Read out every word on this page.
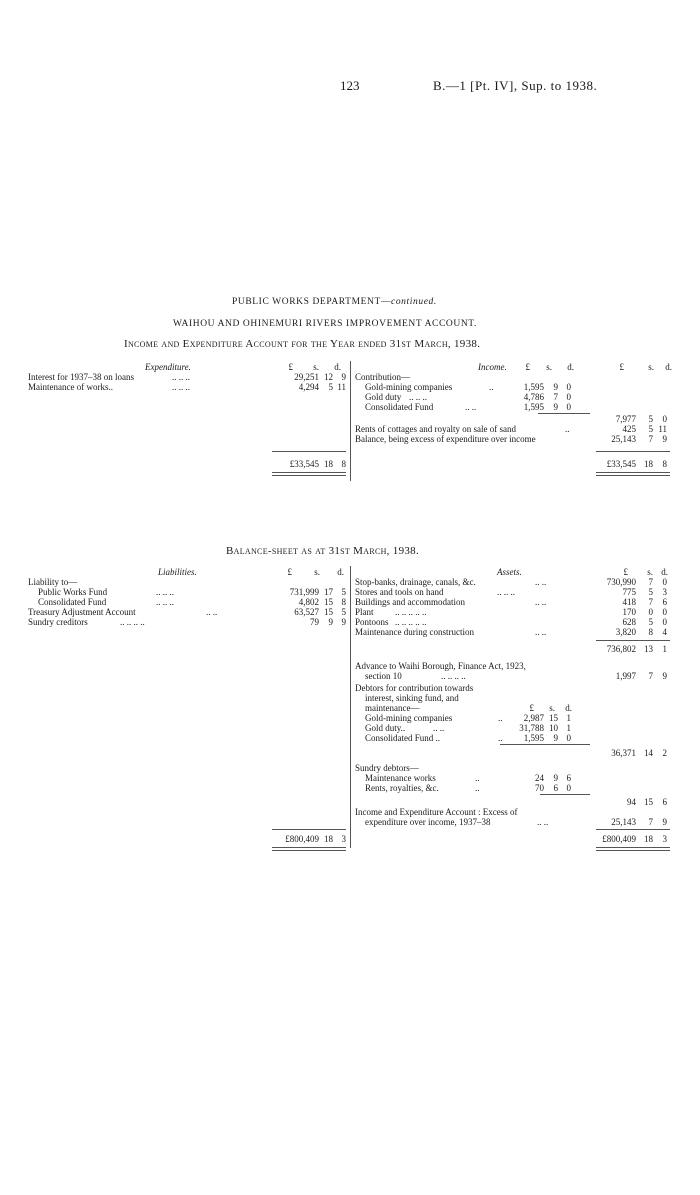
123	B.—1 [Pt. IV], Sup. to 1938.
PUBLIC WORKS DEPARTMENT—continued.
WAIHOU AND OHINEMURI RIVERS IMPROVEMENT ACCOUNT.
Income and Expenditure Account for the Year ended 31st March, 1938.
Expenditure.	£	s.	d.
Interest for 1937–38 on loans	.. .. ..	29,251 12 9
Maintenance of works..	.. .. ..	4,294	5 11
£33,545 18 8
Income.	£	s.	d.	£	s.	d.
Contribution—
Gold-mining companies	..	1,595	9 0
Gold duty .. .. ..	4,786	7 0
Consolidated Fund	.. ..	1,595	9 0
7,977	5	0
Rents of cottages and royalty on sale of sand	..	425	5 11
Balance, being excess of expenditure over income	25,143	7	9
£33,545 18	8
Balance-sheet as at 31st March, 1938.
Liabilities.	£	s.	d.
Liability to—
Public Works Fund	.. .. ..	731,999 17 5
Consolidated Fund	.. .. ..	4,802 15 8
Treasury Adjustment Account	.. ..	63,527 15 5
Sundry creditors	.. .. .. ..	79	9 9
£800,409 18 3
Assets.	£	s. d.
Stop-banks, drainage, canals, &c.	.. ..	730,990	7	0
Stores and tools on hand	.. .. ..	775	5	3
Buildings and accommodation	.. ..	418	7	6
Plant .. .. .. .. ..	170	0	0
Pontoons .. .. .. .. ..	628	5	0
Maintenance during construction	.. ..	3,820	8	4
736,802 13	1
Advance to Waihi Borough, Finance Act, 1923,
section 10	.. .. .. ..	1,997	7	9
Debtors for contribution towards
interest, sinking fund, and
maintenance—	£	s.	d.
Gold-mining companies	..	2,987 15 1
Gold duty..	.. ..	31,788 10 1
Consolidated Fund ..	..	1,595	9 0
36,371 14	2
Sundry debtors—
Maintenance works	..	24	9 6
Rents, royalties, &c.	..	70	6 0
94 15	6
Income and Expenditure Account : Excess of
expenditure over income, 1937–38	.. ..	25,143	7	9
£800,409 18	3
